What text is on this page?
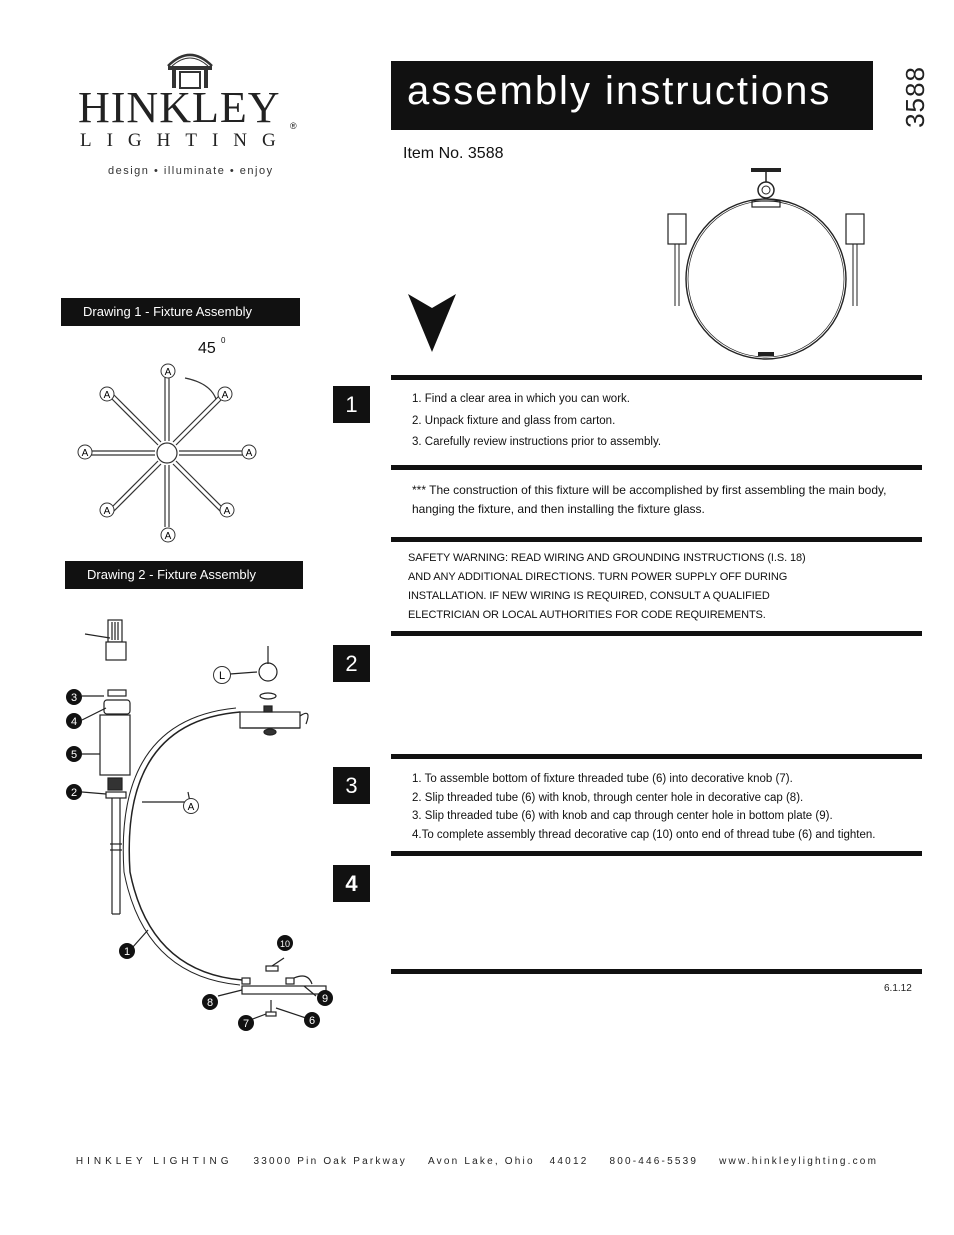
HINKLEY ®
LIGHTING
design • illuminate • enjoy
assembly instructions	3588
Item No. 3588
Drawing 1 - Fixture Assembly
45 0
A
A	A
A	A
A	A
A
Drawing 2 - Fixture Assembly
L
A
3
4
5
2
1
10
8	9
7	6
1	1. Find a clear area in which you can work.

2. Unpack fixture and glass from carton.

3. Carefully review instructions prior to assembly.

*** The construction of this fixture will be accomplished by first assembling the main body, hanging the fixture, and then installing the fixture glass.
SAFETY WARNING: READ WIRING AND GROUNDING INSTRUCTIONS (I.S. 18)
AND ANY ADDITIONAL DIRECTIONS. TURN POWER SUPPLY OFF DURING
INSTALLATION. IF NEW WIRING IS REQUIRED, CONSULT A QUALIFIED
ELECTRICIAN OR LOCAL AUTHORITIES FOR CODE REQUIREMENTS.
2
3	1. To assemble bottom of fixture threaded tube (6) into decorative knob (7).

2. Slip threaded tube (6) with knob, through center hole in decorative cap (8).

3. Slip threaded tube (6) with knob and cap through center hole in bottom plate (9).

4.To complete assembly thread decorative cap (10) onto end of thread tube (6) and tighten.

4
6.1.12
HINKLEY LIGHTING 33000 Pin Oak Parkway Avon Lake, Ohio   44012 800-446-5539 www.hinkleylighting.com
